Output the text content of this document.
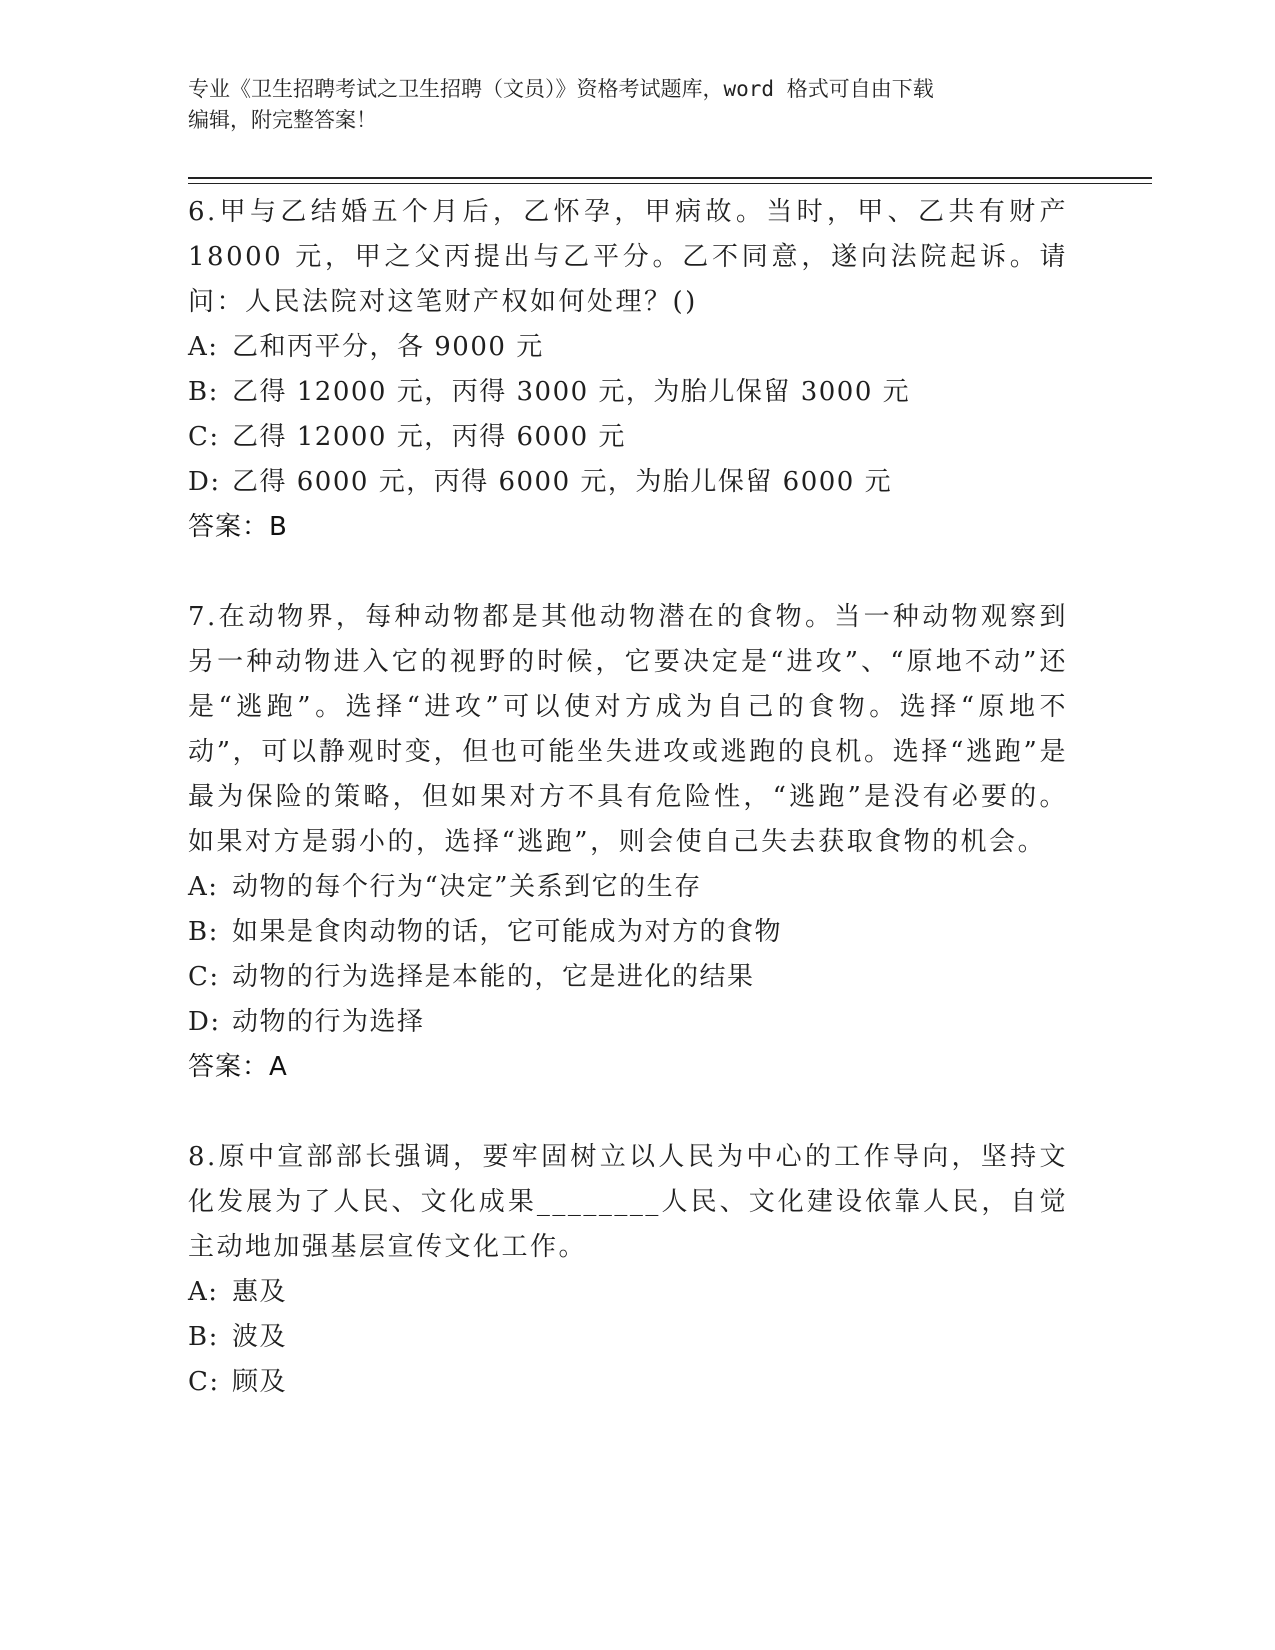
专业《卫生招聘考试之卫生招聘（文员）》资格考试题库，word 格式可自由下载
编辑，附完整答案！
6.甲与乙结婚五个月后，乙怀孕，甲病故。当时，甲、乙共有财产18000 元，甲之父丙提出与乙平分。乙不同意，遂向法院起诉。请问：人民法院对这笔财产权如何处理？()
A: 乙和丙平分，各 9000 元
B: 乙得 12000 元，丙得 3000 元，为胎儿保留 3000 元
C: 乙得 12000 元，丙得 6000 元
D: 乙得 6000 元，丙得 6000 元，为胎儿保留 6000 元
答案：B
7.在动物界，每种动物都是其他动物潜在的食物。当一种动物观察到另一种动物进入它的视野的时候，它要决定是“进攻”、“原地不动”还是“逃跑”。选择“进攻”可以使对方成为自己的食物。选择“原地不动”，可以静观时变，但也可能坐失进攻或逃跑的良机。选择“逃跑”是最为保险的策略，但如果对方不具有危险性，“逃跑”是没有必要的。如果对方是弱小的，选择“逃跑”，则会使自己失去获取食物的机会。
A: 动物的每个行为“决定”关系到它的生存
B: 如果是食肉动物的话，它可能成为对方的食物
C: 动物的行为选择是本能的，它是进化的结果
D: 动物的行为选择
答案：A
8.原中宣部部长强调，要牢固树立以人民为中心的工作导向，坚持文化发展为了人民、文化成果________人民、文化建设依靠人民，自觉主动地加强基层宣传文化工作。
A: 惠及
B: 波及
C: 顾及
